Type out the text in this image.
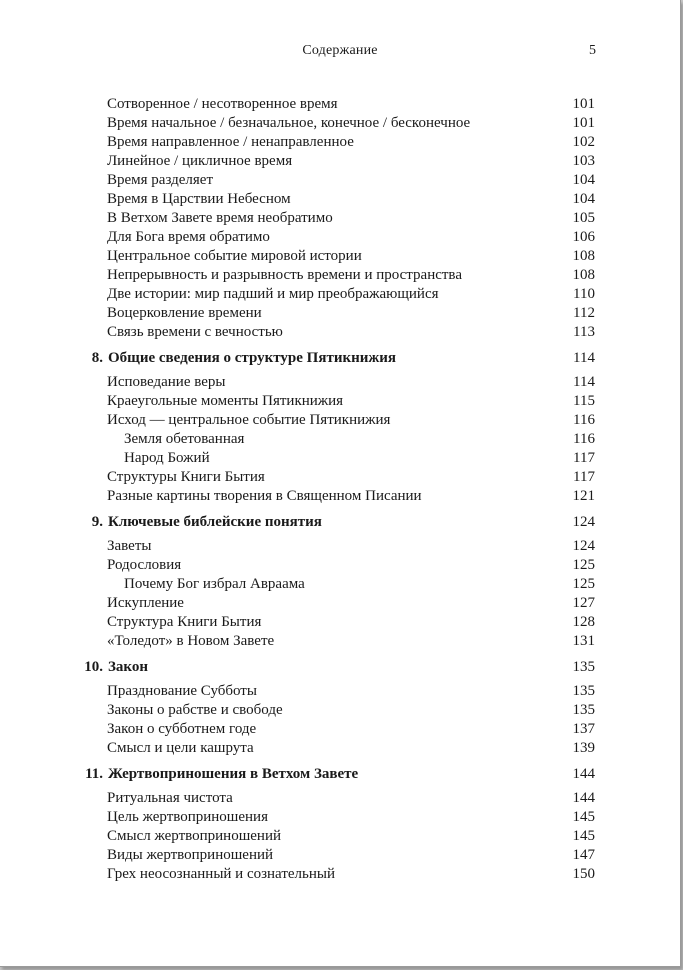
Содержание	5
Сотворенное / несотворенное время	101
Время начальное / безначальное, конечное / бесконечное	101
Время направленное / ненаправленное	102
Линейное / цикличное время	103
Время разделяет	104
Время в Царствии Небесном	104
В Ветхом Завете время необратимо	105
Для Бога время обратимо	106
Центральное событие мировой истории	108
Непрерывность и разрывность времени и пространства	108
Две истории: мир падший и мир преображающийся	110
Воцерковление времени	112
Связь времени с вечностью	113
8. Общие сведения о структуре Пятикнижия	114
Исповедание веры	114
Краеугольные моменты Пятикнижия	115
Исход — центральное событие Пятикнижия	116
Земля обетованная	116
Народ Божий	117
Структуры Книги Бытия	117
Разные картины творения в Священном Писании	121
9. Ключевые библейские понятия	124
Заветы	124
Родословия	125
Почему Бог избрал Авраама	125
Искупление	127
Структура Книги Бытия	128
«Толедот» в Новом Завете	131
10. Закон	135
Празднование Субботы	135
Законы о рабстве и свободе	135
Закон о субботнем годе	137
Смысл и цели кашрута	139
11. Жертвоприношения в Ветхом Завете	144
Ритуальная чистота	144
Цель жертвоприношения	145
Смысл жертвоприношений	145
Виды жертвоприношений	147
Грех неосознанный и сознательный	150
